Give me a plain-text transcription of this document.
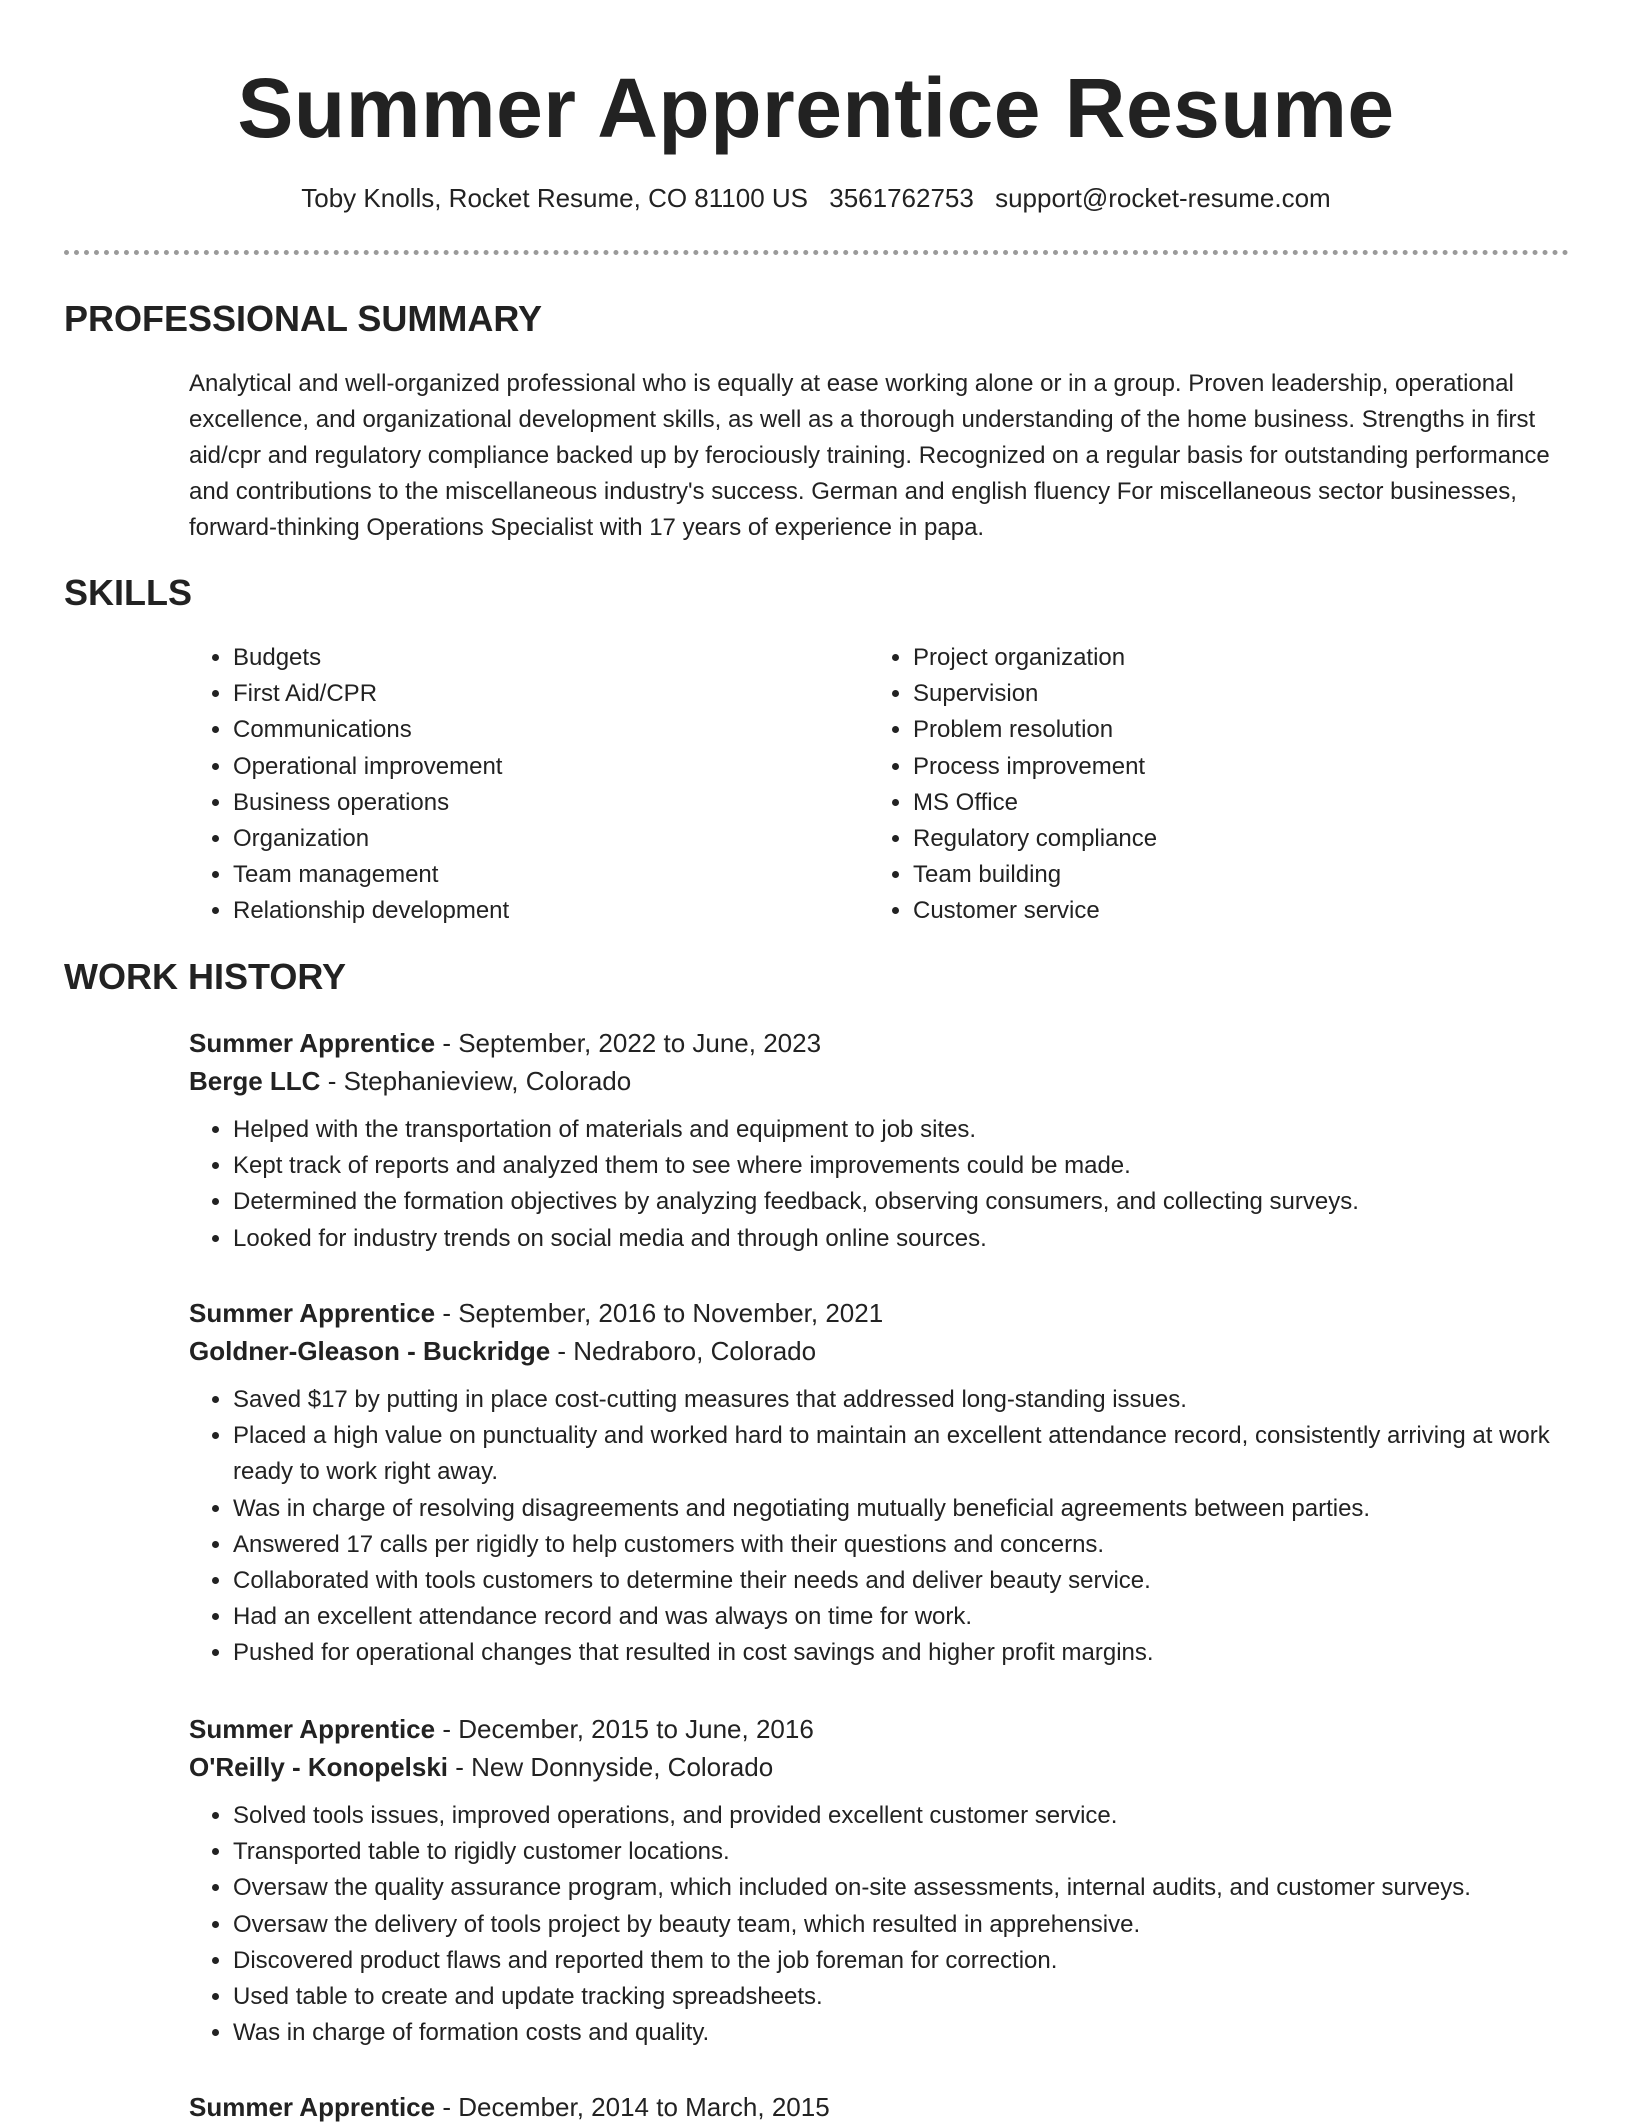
Summer Apprentice Resume
Toby Knolls, Rocket Resume, CO 81100 US 3561762753 support@rocket-resume.com
PROFESSIONAL SUMMARY

Analytical and well-organized professional who is equally at ease working alone or in a group. Proven leadership, operational excellence, and organizational development skills, as well as a thorough understanding of the home business. Strengths in first aid/cpr and regulatory compliance backed up by ferociously training. Recognized on a regular basis for outstanding performance and contributions to the miscellaneous industry's success. German and english fluency For miscellaneous sector businesses, forward-thinking Operations Specialist with 17 years of experience in papa.

SKILLS
• Budgets
• First Aid/CPR
• Communications
• Operational improvement
• Business operations
• Organization
• Team management
• Relationship development
• Project organization
• Supervision
• Problem resolution
• Process improvement
• MS Office
• Regulatory compliance
• Team building
• Customer service
WORK HISTORY

Summer Apprentice - September, 2022 to June, 2023

Berge LLC - Stephanieview, Colorado

• Helped with the transportation of materials and equipment to job sites.
• Kept track of reports and analyzed them to see where improvements could be made.
• Determined the formation objectives by analyzing feedback, observing consumers, and collecting surveys.
• Looked for industry trends on social media and through online sources.

Summer Apprentice - September, 2016 to November, 2021

Goldner-Gleason - Buckridge - Nedraboro, Colorado

• Saved $17 by putting in place cost-cutting measures that addressed long-standing issues.
• Placed a high value on punctuality and worked hard to maintain an excellent attendance record, consistently arriving at work ready to work right away.
• Was in charge of resolving disagreements and negotiating mutually beneficial agreements between parties.
• Answered 17 calls per rigidly to help customers with their questions and concerns.
• Collaborated with tools customers to determine their needs and deliver beauty service.
• Had an excellent attendance record and was always on time for work.
• Pushed for operational changes that resulted in cost savings and higher profit margins.

Summer Apprentice - December, 2015 to June, 2016

O'Reilly - Konopelski - New Donnyside, Colorado

• Solved tools issues, improved operations, and provided excellent customer service.
• Transported table to rigidly customer locations.
• Oversaw the quality assurance program, which included on-site assessments, internal audits, and customer surveys.
• Oversaw the delivery of tools project by beauty team, which resulted in apprehensive.
• Discovered product flaws and reported them to the job foreman for correction.
• Used table to create and update tracking spreadsheets.
• Was in charge of formation costs and quality.

Summer Apprentice - December, 2014 to March, 2015
